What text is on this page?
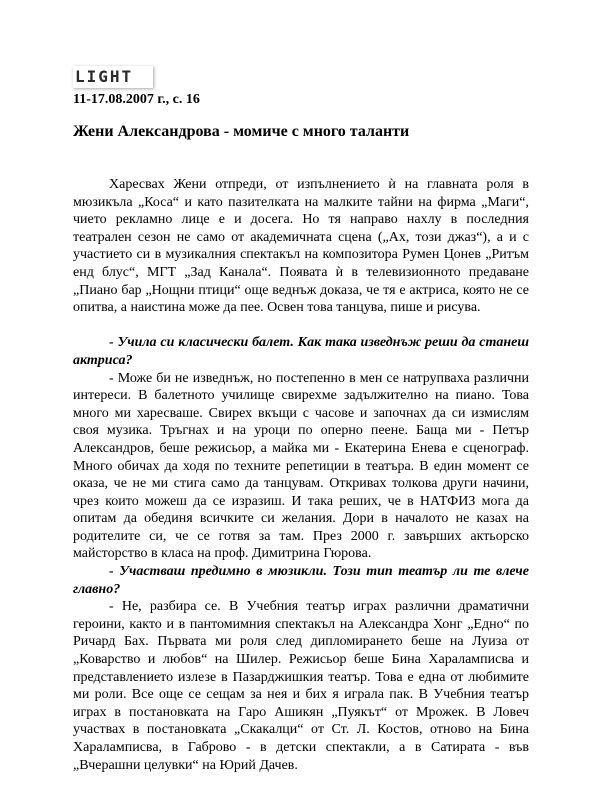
LIGHT
11-17.08.2007 г., с. 16
Жени Александрова - момиче с много таланти

Харесвах Жени отпреди, от изпълнението ѝ на главната роля в мюзикъла „Коса“ и като пазителката на малките тайни на фирма „Маги“, чието рекламно лице е и досега. Но тя направо нахлу в последния театрален сезон не само от академичната сцена („Ах, този джаз“), а и с участието си в музикалния спектакъл на композитора Румен Цонев „Ритъм енд блус“, МГТ „Зад Канала“. Появата ѝ в телевизионното предаване „Пиано бар „Нощни птици“ още веднъж доказа, че тя е актриса, която не се опитва, а наистина може да пее. Освен това танцува, пише и рисува.

- Учила си класически балет. Как така изведнъж реши да станеш актриса?

- Може би не изведнъж, но постепенно в мен се натрупваха различни интереси. В балетното училище свирехме задължително на пиано. Това много ми харесваше. Свирех вкъщи с часове и започнах да си измислям своя музика. Тръгнах и на уроци по оперно пеене. Баща ми - Петър Александров, беше режисьор, а майка ми - Екатерина Енева е сценограф. Много обичах да ходя по техните репетиции в театъра. В един момент се оказа, че не ми стига само да танцувам. Откривах толкова други начини, чрез които можеш да се изразиш. И така реших, че в НАТФИЗ мога да опитам да обединя всичките си желания. Дори в началото не казах на родителите си, че се готвя за там. През 2000 г. завърших актьорско майсторство в класа на проф. Димитрина Гюрова.

- Участваш предимно в мюзикли. Този тип театър ли те влече главно?

- Не, разбира се. В Учебния театър играх различни драматични героини, както и в пантомимния спектакъл на Александра Хонг „Едно“ по Ричард Бах. Първата ми роля след дипломирането беше на Луиза от „Коварство и любов“ на Шилер. Режисьор беше Бина Хараламписва и представлението излезе в Пазарджишкия театър. Това е една от любимите ми роли. Все още се сещам за нея и бих я играла пак. В Учебния театър играх в постановката на Гаро Ашикян „Пуякът“ от Мрожек. В Ловеч участвах в постановката „Скакалци“ от Ст. Л. Костов, отново на Бина Хараламписва, в Габрово - в детски спектакли, а в Сатирата - във „Вчерашни целувки“ на Юрий Дачев.
